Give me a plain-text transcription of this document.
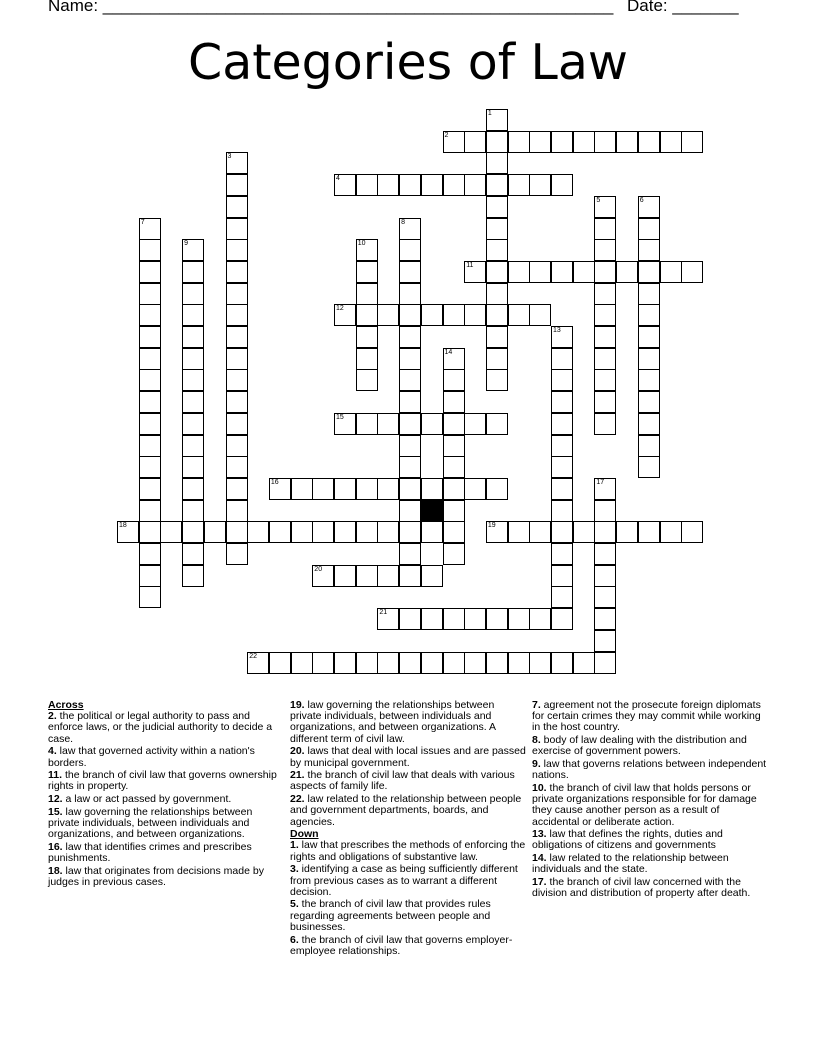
Name: ______________________________________________________ Date: _______
Categories of Law
2
4
11
12
15
16
18	19
20
21
22
1
3
5	6
7	8
9	10
13
14
17
Across
2. the political or legal authority to pass and enforce laws, or the judicial authority to decide a case.
4. law that governed activity within a nation's borders.
11. the branch of civil law that governs ownership rights in property.
12. a law or act passed by government.
15. law governing the relationships between private individuals, between individuals and organizations, and between organizations.
16. law that identifies crimes and prescribes punishments.
18. law that originates from decisions made by judges in previous cases.
19. law governing the relationships between private individuals, between individuals and organizations, and between organizations. A different term of civil law.
20. laws that deal with local issues and are passed by municipal government.
21. the branch of civil law that deals with various aspects of family life.
22. law related to the relationship between people and government departments, boards, and agencies.
Down
1. law that prescribes the methods of enforcing the rights and obligations of substantive law.
3. identifying a case as being sufficiently different from previous cases as to warrant a different decision.
5. the branch of civil law that provides rules regarding agreements between people and businesses.
6. the branch of civil law that governs employer-employee relationships.
7. agreement not the prosecute foreign diplomats for certain crimes they may commit while working in the host country.
8. body of law dealing with the distribution and exercise of government powers.
9. law that governs relations between independent nations.
10. the branch of civil law that holds persons or private organizations responsible for for damage they cause another person as a result of accidental or deliberate action.
13. law that defines the rights, duties and obligations of citizens and governments
14. law related to the relationship between individuals and the state.
17. the branch of civil law concerned with the division and distribution of property after death.
